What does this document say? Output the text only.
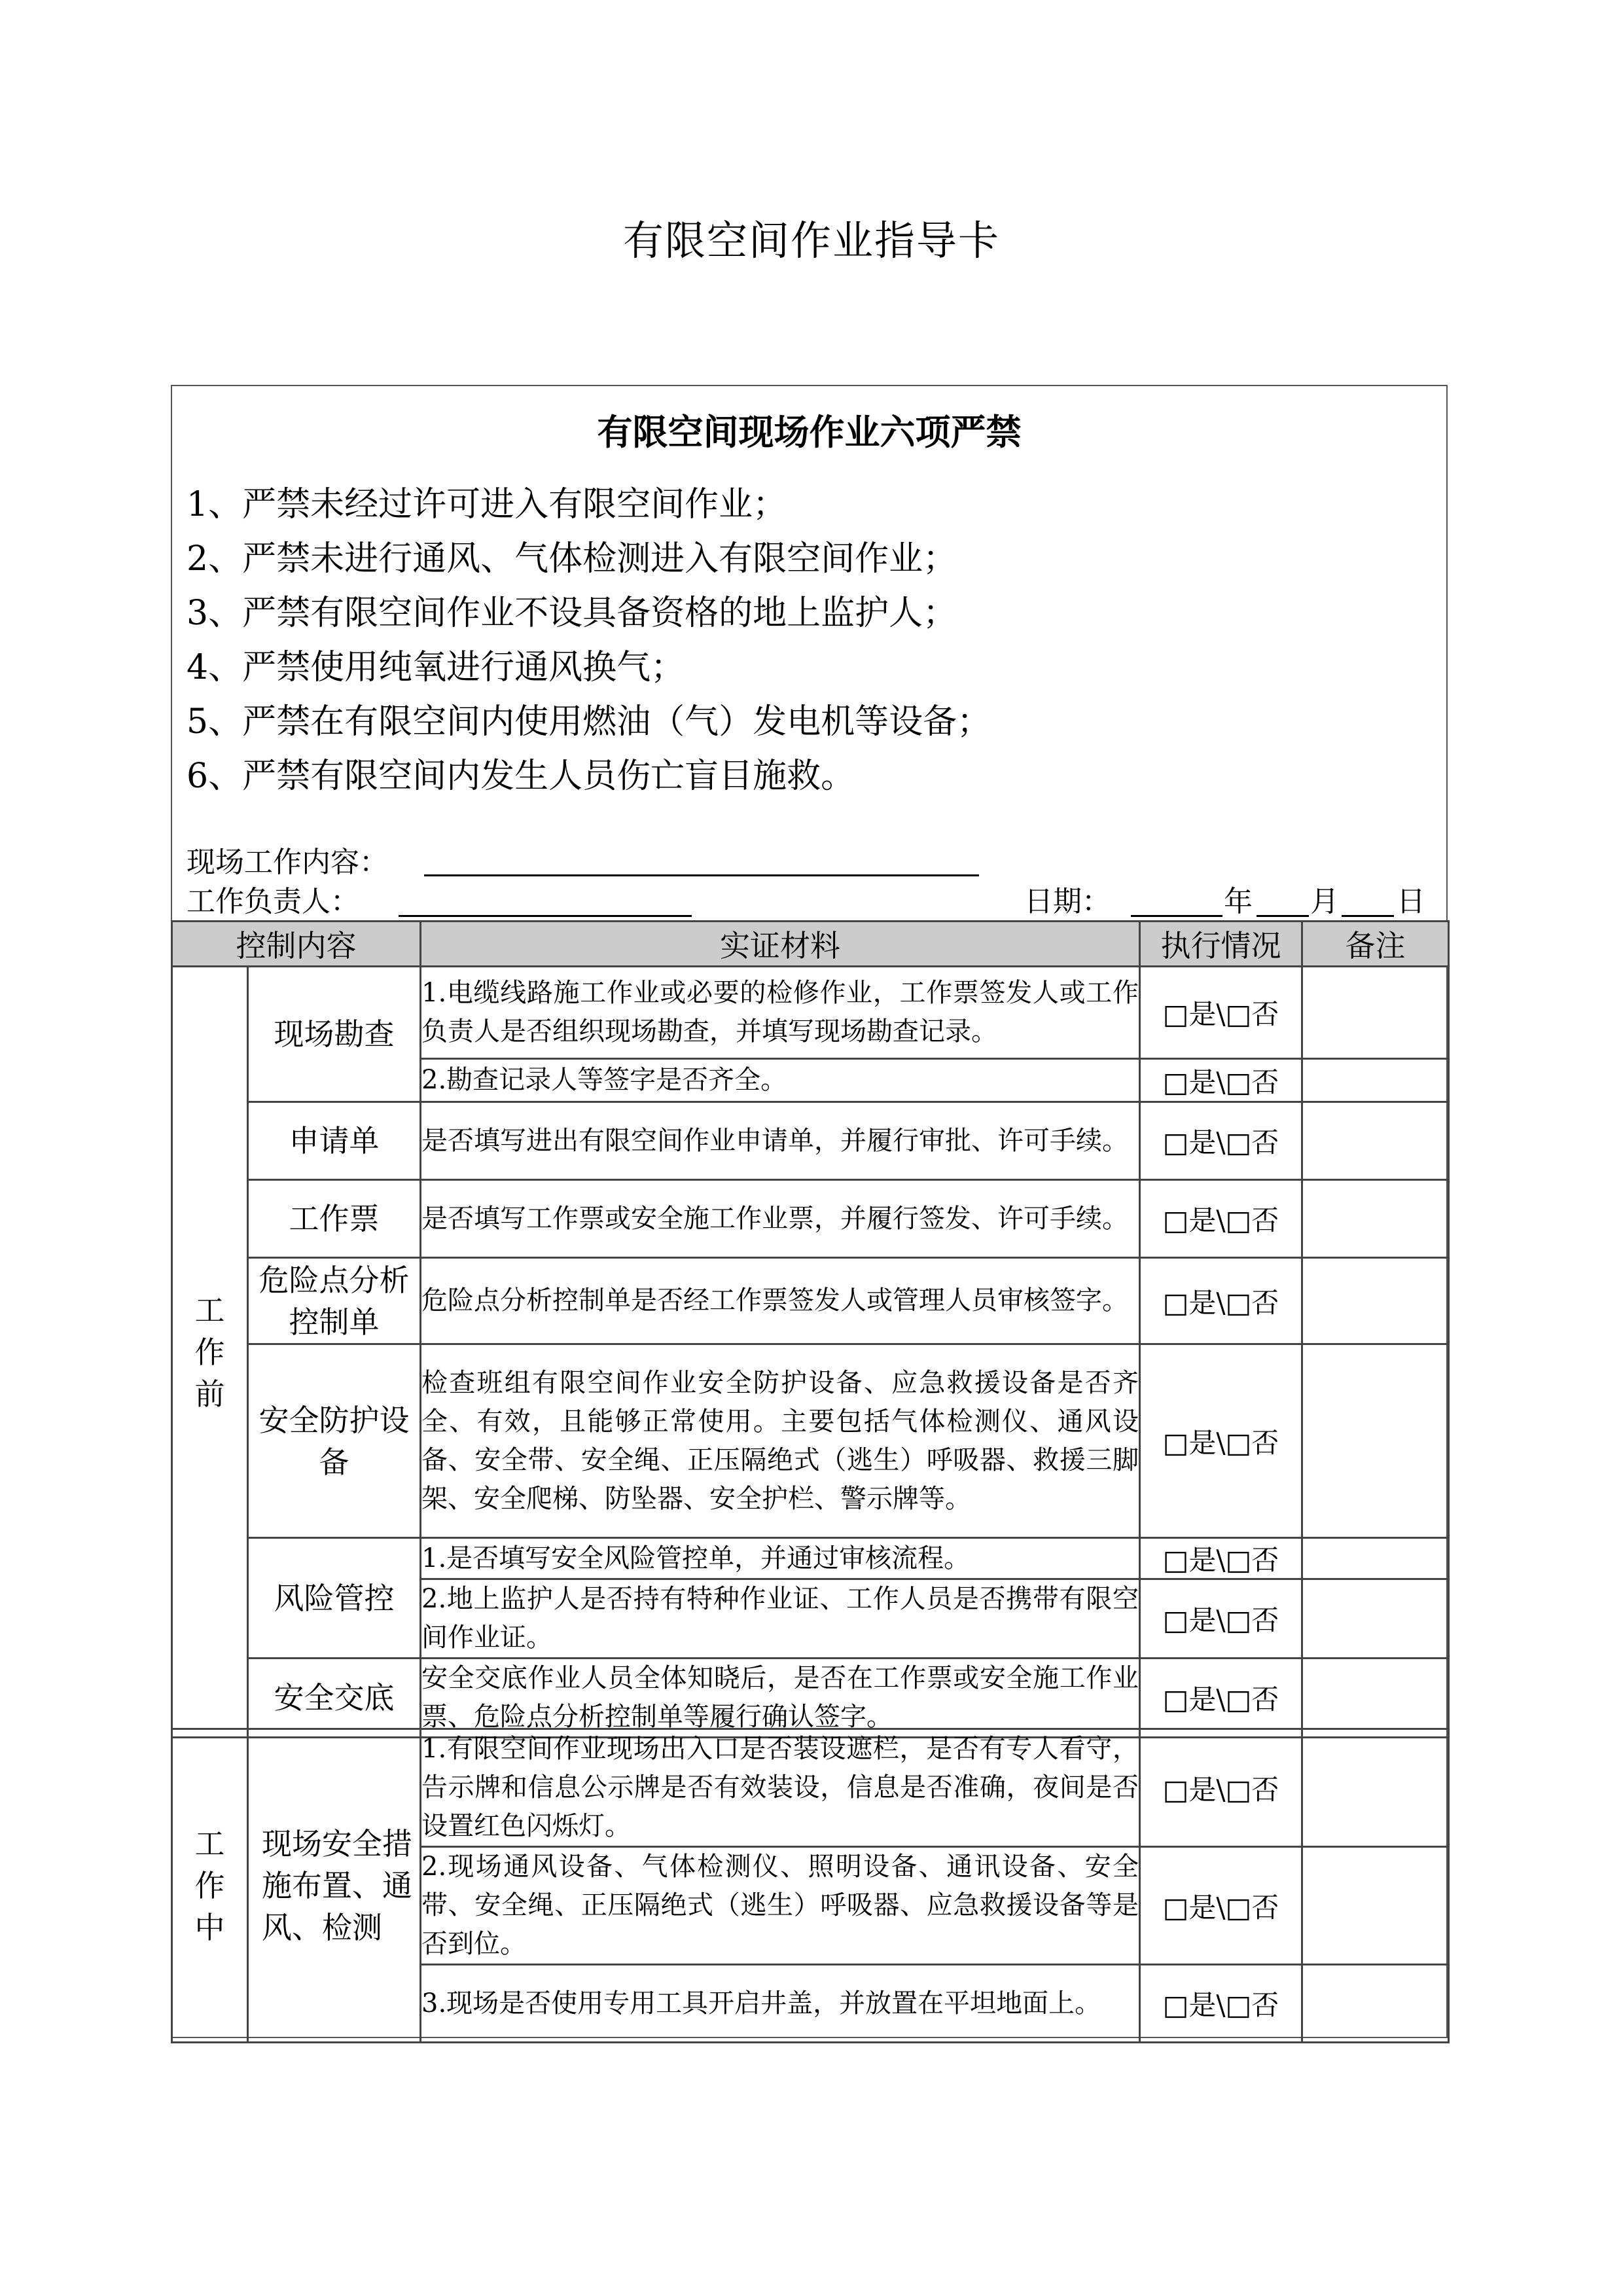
有限空间作业指导卡
有限空间现场作业六项严禁
1、严禁未经过许可进入有限空间作业；
2、严禁未进行通风、气体检测进入有限空间作业；
3、严禁有限空间作业不设具备资格的地上监护人；
4、严禁使用纯氧进行通风换气；
5、严禁在有限空间内使用燃油（气）发电机等设备；
6、严禁有限空间内发生人员伤亡盲目施救。
现场工作内容：
工作负责人：	日期：	年 月 日
控制内容		实证材料	执行情况	备注

工
作
前	现场勘查	1.电缆线路施工作业或必要的检修作业，工作票签发人或工作负责人是否组织现场勘查，并填写现场勘查记录。	□是\□否	
		2.勘查记录人等签字是否齐全。	□是\□否	
	申请单	是否填写进出有限空间作业申请单，并履行审批、许可手续。	□是\□否	
	工作票	是否填写工作票或安全施工作业票，并履行签发、许可手续。	□是\□否	
	危险点分析控制单	危险点分析控制单是否经工作票签发人或管理人员审核签字。	□是\□否	
	安全防护设备	检查班组有限空间作业安全防护设备、应急救援设备是否齐全、有效，且能够正常使用。主要包括气体检测仪、通风设备、安全带、安全绳、正压隔绝式（逃生）呼吸器、救援三脚架、安全爬梯、防坠器、安全护栏、警示牌等。	□是\□否	
	风险管控	1.是否填写安全风险管控单，并通过审核流程。	□是\□否	
		2.地上监护人是否持有特种作业证、工作人员是否携带有限空间作业证。	□是\□否	
	安全交底	安全交底作业人员全体知晓后，是否在工作票或安全施工作业票、危险点分析控制单等履行确认签字。	□是\□否	
工
作
中	现场安全措施布置、通风、检测	1.有限空间作业现场出入口是否装设遮栏，是否有专人看守，告示牌和信息公示牌是否有效装设，信息是否准确，夜间是否设置红色闪烁灯。	□是\□否	
		2.现场通风设备、气体检测仪、照明设备、通讯设备、安全带、安全绳、正压隔绝式（逃生）呼吸器、应急救援设备等是否到位。	□是\□否	
		3.现场是否使用专用工具开启井盖，并放置在平坦地面上。	□是\□否	
